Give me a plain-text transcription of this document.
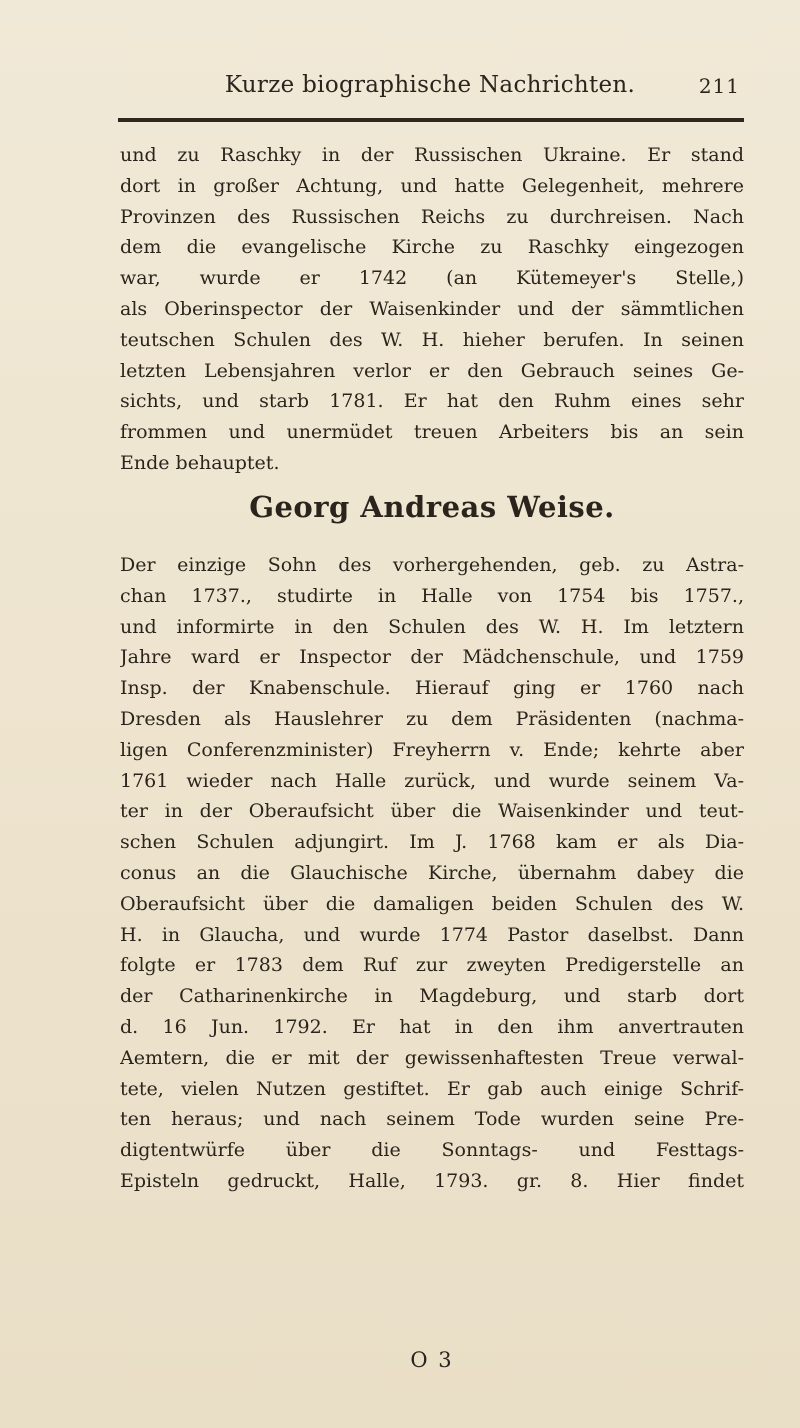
Kurze biographische Nachrichten.	211
und zu Raschky in der Russischen Ukraine. Er stand
dort in großer Achtung, und hatte Gelegenheit, mehrere
Provinzen des Russischen Reichs zu durchreisen. Nach
dem die evangelische Kirche zu Raschky eingezogen
war, wurde er 1742 (an Kütemeyer's Stelle,)
als Oberinspector der Waisenkinder und der sämmtlichen
teutschen Schulen des W. H. hieher berufen. In seinen
letzten Lebensjahren verlor er den Gebrauch seines Ge-
sichts, und starb 1781. Er hat den Ruhm eines sehr
frommen und unermüdet treuen Arbeiters bis an sein
Ende behauptet.
Georg Andreas Weise.
Der einzige Sohn des vorhergehenden, geb. zu Astra-
chan 1737., studirte in Halle von 1754 bis 1757.,
und informirte in den Schulen des W. H. Im letztern
Jahre ward er Inspector der Mädchenschule, und 1759
Insp. der Knabenschule. Hierauf ging er 1760 nach
Dresden als Hauslehrer zu dem Präsidenten (nachma-
ligen Conferenzminister) Freyherrn v. Ende; kehrte aber
1761 wieder nach Halle zurück, und wurde seinem Va-
ter in der Oberaufsicht über die Waisenkinder und teut-
schen Schulen adjungirt. Im J. 1768 kam er als Dia-
conus an die Glauchische Kirche, übernahm dabey die
Oberaufsicht über die damaligen beiden Schulen des W.
H. in Glaucha, und wurde 1774 Pastor daselbst. Dann
folgte er 1783 dem Ruf zur zweyten Predigerstelle an
der Catharinenkirche in Magdeburg, und starb dort
d. 16 Jun. 1792. Er hat in den ihm anvertrauten
Aemtern, die er mit der gewissenhaftesten Treue verwal-
tete, vielen Nutzen gestiftet. Er gab auch einige Schrif-
ten heraus; und nach seinem Tode wurden seine Pre-
digtentwürfe über die Sonntags- und Festtags-
Episteln gedruckt, Halle, 1793. gr. 8. Hier findet
O 3
